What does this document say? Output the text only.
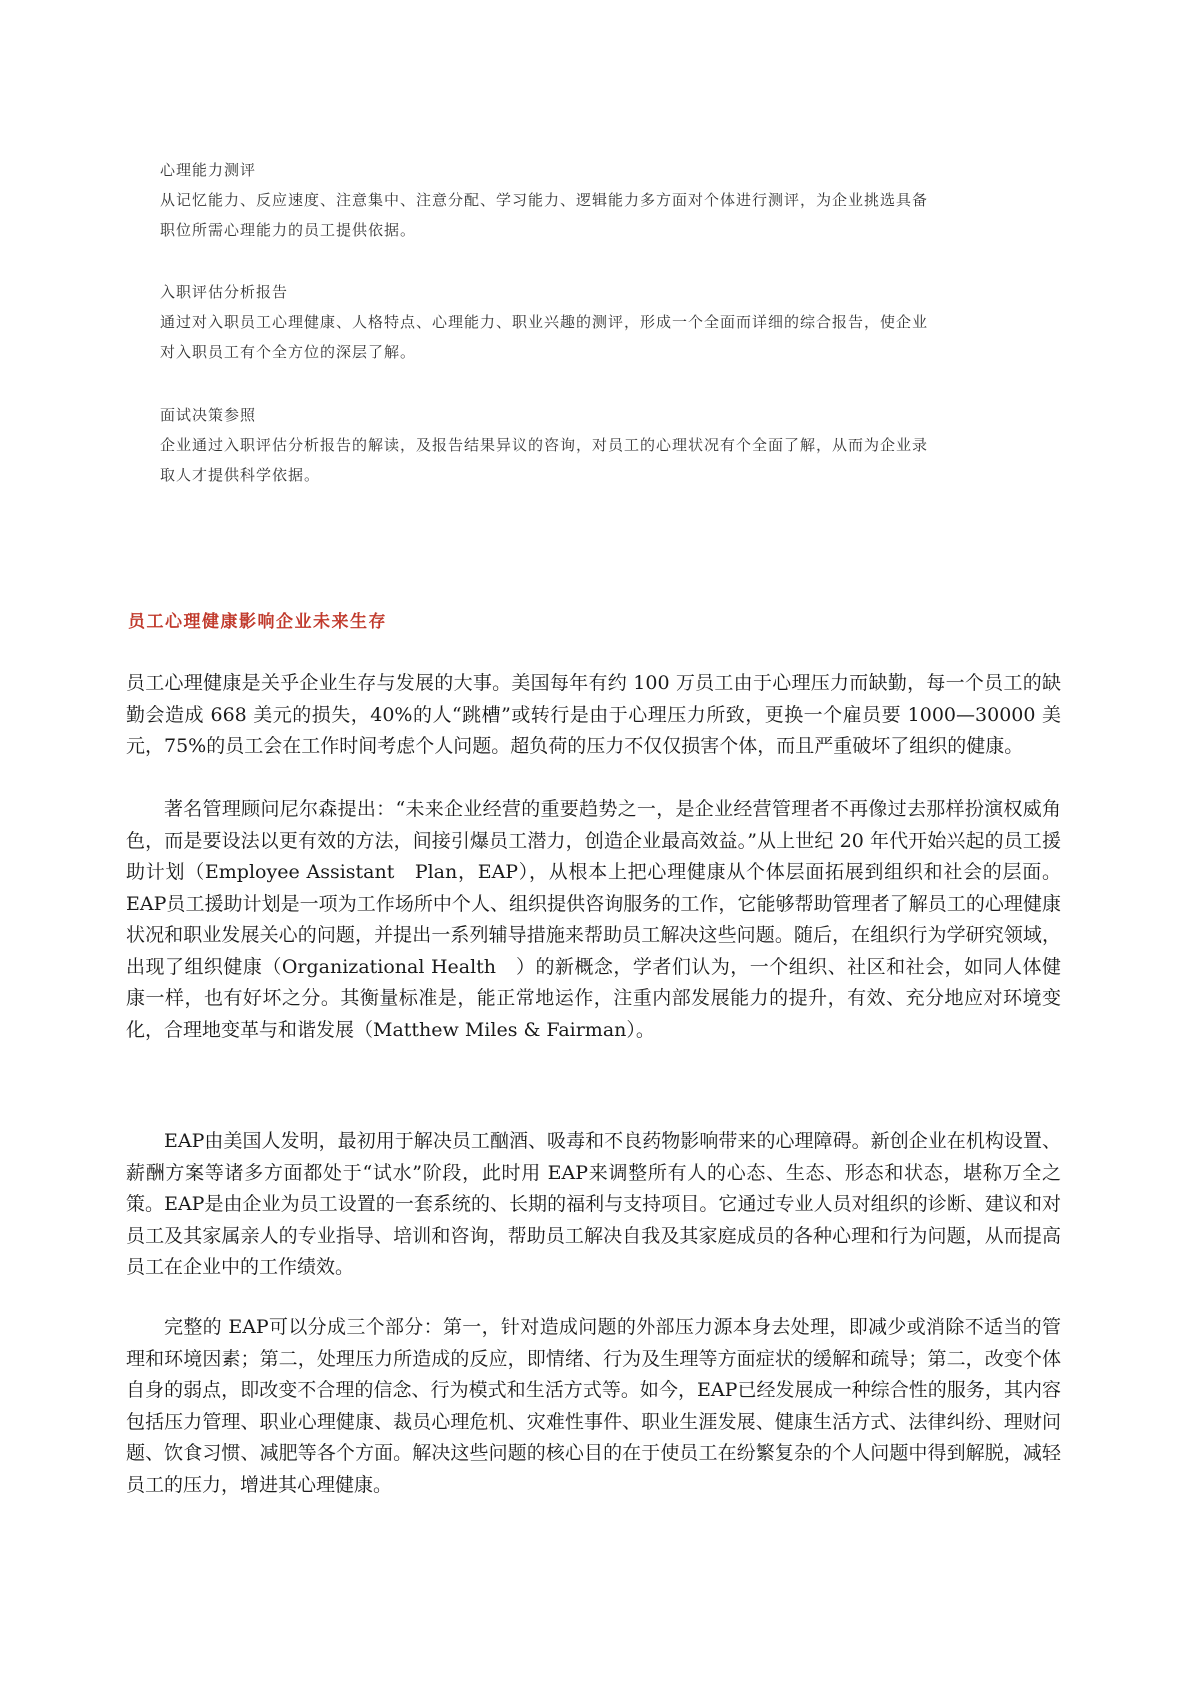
心理能力测评

从记忆能力、反应速度、注意集中、注意分配、学习能力、逻辑能力多方面对个体进行测评，为企业挑选具备

职位所需心理能力的员工提供依据。

入职评估分析报告

通过对入职员工心理健康、人格特点、心理能力、职业兴趣的测评，形成一个全面而详细的综合报告，使企业

对入职员工有个全方位的深层了解。

面试决策参照

企业通过入职评估分析报告的解读，及报告结果异议的咨询，对员工的心理状况有个全面了解，从而为企业录

取人才提供科学依据。

员工心理健康影响企业未来生存

员工心理健康是关乎企业生存与发展的大事。美国每年有约 100 万员工由于心理压力而缺勤，每一个员工的缺勤会造成 668 美元的损失，40%的人“跳槽”或转行是由于心理压力所致，更换一个雇员要 1000—30000 美元，75%的员工会在工作时间考虑个人问题。超负荷的压力不仅仅损害个体，而且严重破坏了组织的健康。

著名管理顾问尼尔森提出：“未来企业经营的重要趋势之一，是企业经营管理者不再像过去那样扮演权威角色，而是要设法以更有效的方法，间接引爆员工潜力，创造企业最高效益。”从上世纪 20 年代开始兴起的员工援助计划（Employee Assistant　Plan，EAP），从根本上把心理健康从个体层面拓展到组织和社会的层面。EAP员工援助计划是一项为工作场所中个人、组织提供咨询服务的工作，它能够帮助管理者了解员工的心理健康状况和职业发展关心的问题，并提出一系列辅导措施来帮助员工解决这些问题。随后，在组织行为学研究领域，出现了组织健康（Organizational Health　）的新概念，学者们认为，一个组织、社区和社会，如同人体健康一样，也有好坏之分。其衡量标准是，能正常地运作，注重内部发展能力的提升，有效、充分地应对环境变化，合理地变革与和谐发展（Matthew Miles & Fairman）。

EAP由美国人发明，最初用于解决员工酗酒、吸毒和不良药物影响带来的心理障碍。新创企业在机构设置、薪酬方案等诸多方面都处于“试水”阶段，此时用 EAP来调整所有人的心态、生态、形态和状态，堪称万全之策。EAP是由企业为员工设置的一套系统的、长期的福利与支持项目。它通过专业人员对组织的诊断、建议和对员工及其家属亲人的专业指导、培训和咨询，帮助员工解决自我及其家庭成员的各种心理和行为问题，从而提高员工在企业中的工作绩效。

完整的 EAP可以分成三个部分：第一，针对造成问题的外部压力源本身去处理，即减少或消除不适当的管理和环境因素；第二，处理压力所造成的反应，即情绪、行为及生理等方面症状的缓解和疏导；第二，改变个体自身的弱点，即改变不合理的信念、行为模式和生活方式等。如今，EAP已经发展成一种综合性的服务，其内容包括压力管理、职业心理健康、裁员心理危机、灾难性事件、职业生涯发展、健康生活方式、法律纠纷、理财问题、饮食习惯、减肥等各个方面。解决这些问题的核心目的在于使员工在纷繁复杂的个人问题中得到解脱，减轻员工的压力，增进其心理健康。
